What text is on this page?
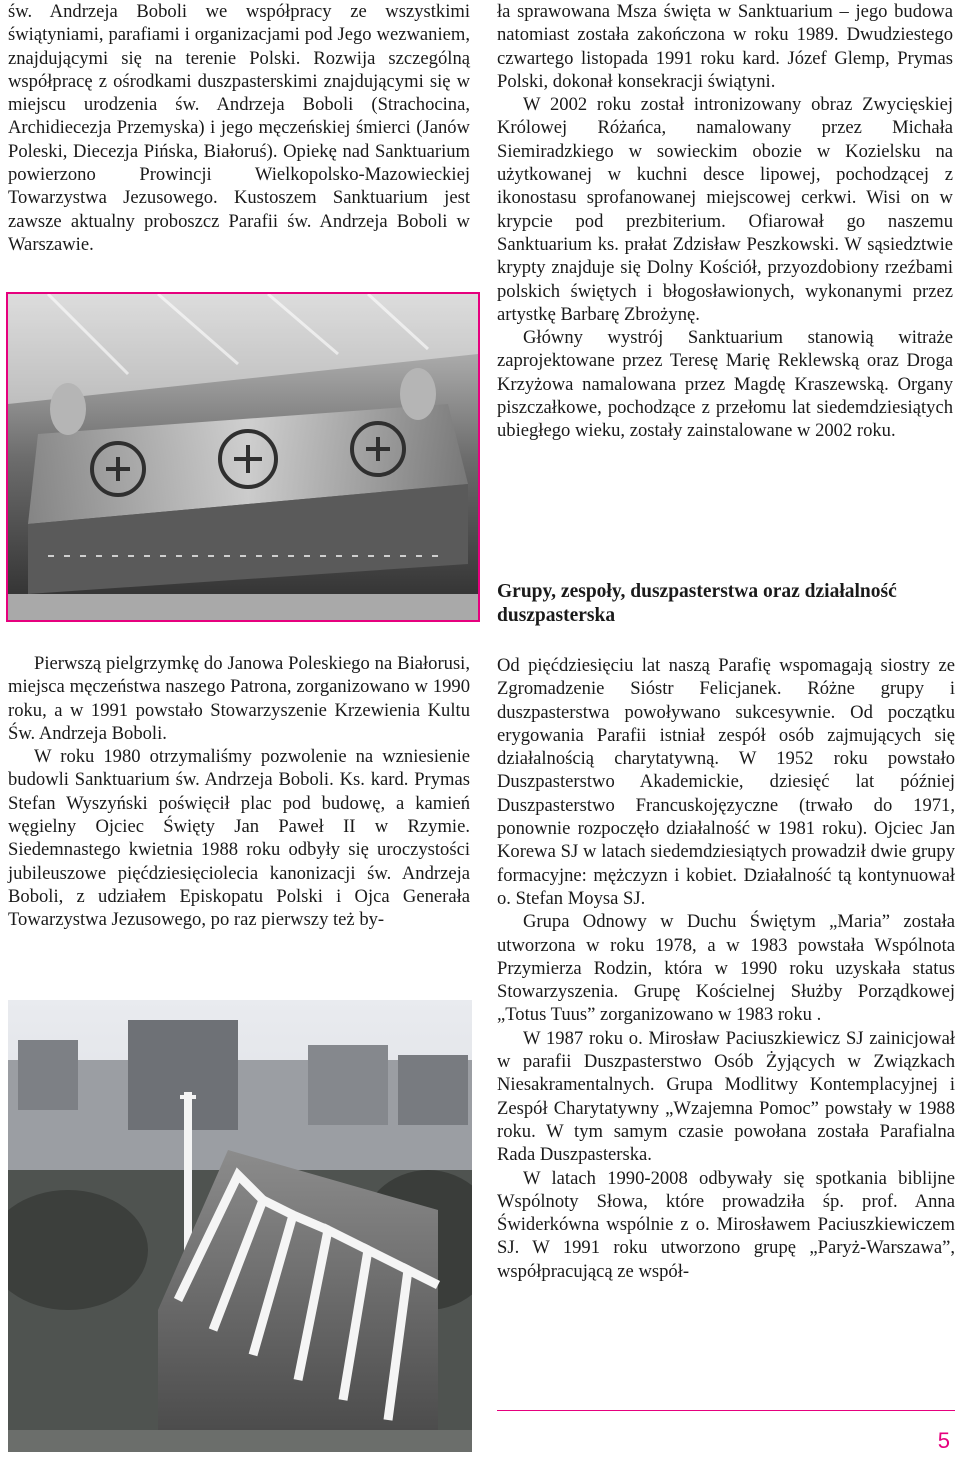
św. Andrzeja Boboli we współpracy ze wszystkimi świątyniami, parafiami i organizacjami pod Jego wezwaniem, znajdującymi się na terenie Polski. Rozwija szczególną współpracę z ośrodkami duszpasterskimi znajdującymi się w miejscu urodzenia św. Andrzeja Boboli (Strachocina, Archidiecezja Przemyska) i jego męczeńskiej śmierci (Janów Poleski, Diecezja Pińska, Białoruś). Opiekę nad Sanktuarium powierzono Prowincji Wielkopolsko-Mazowieckiej Towarzystwa Jezusowego. Kustoszem Sanktuarium jest zawsze aktualny proboszcz Parafii św. Andrzeja Boboli w Warszawie.

Pierwszą pielgrzymkę do Janowa Poleskiego na Białorusi, miejsca męczeństwa naszego Patrona, zorganizowano w 1990 roku, a w 1991 powstało Stowarzyszenie Krzewienia Kultu Św. Andrzeja Boboli.

W roku 1980 otrzymaliśmy pozwolenie na wzniesienie budowli Sanktuarium św. Andrzeja Boboli. Ks. kard. Prymas Stefan Wyszyński poświęcił plac pod budowę, a kamień węgielny Ojciec Święty Jan Paweł II w Rzymie. Siedemnastego kwietnia 1988 roku odbyły się uroczystości jubileuszowe pięćdziesięciolecia kanonizacji św. Andrzeja Boboli, z udziałem Episkopatu Polski i Ojca Generała Towarzystwa Jezusowego, po raz pierwszy też by-

ła sprawowana Msza święta w Sanktuarium – jego budowa natomiast została zakończona w roku 1989. Dwudziestego czwartego listopada 1991 roku kard. Józef Glemp, Prymas Polski, dokonał konsekracji świątyni.

W 2002 roku został intronizowany obraz Zwycięskiej Królowej Różańca, namalowany przez Michała Siemiradzkiego w sowieckim obozie w Kozielsku na użytkowanej w kuchni desce lipowej, pochodzącej z ikonostasu sprofanowanej miejscowej cerkwi. Wisi on w krypcie pod prezbiterium. Ofiarował go naszemu Sanktuarium ks. prałat Zdzisław Peszkowski. W sąsiedztwie krypty znajduje się Dolny Kościół, przyozdobiony rzeźbami polskich świętych i błogosławionych, wykonanymi przez artystkę Barbarę Zbrożynę.

Główny wystrój Sanktuarium stanowią witraże zaprojektowane przez Teresę Marię Reklewską oraz Droga Krzyżowa namalowana przez Magdę Kraszewską. Organy piszczałkowe, pochodzące z przełomu lat siedemdziesiątych ubiegłego wieku, zostały zainstalowane w 2002 roku.

Grupy, zespoły, duszpasterstwa oraz działalność duszpasterska

Od pięćdziesięciu lat naszą Parafię wspomagają siostry ze Zgromadzenie Sióstr Felicjanek. Różne grupy i duszpasterstwa powoływano sukcesywnie. Od początku erygowania Parafii istniał zespół osób zajmujących się działalnością charytatywną. W 1952 roku powstało Duszpasterstwo Akademickie, dziesięć lat później Duszpasterstwo Francuskojęzyczne (trwało do 1971, ponownie rozpoczęło działalność w 1981 roku). Ojciec Jan Korewa SJ w latach siedemdziesiątych prowadził dwie grupy formacyjne: mężczyzn i kobiet. Działalność tą kontynuował o. Stefan Moysa SJ.

Grupa Odnowy w Duchu Świętym „Maria” została utworzona w roku 1978, a w 1983 powstała Wspólnota Przymierza Rodzin, która w 1990 roku uzyskała status Stowarzyszenia. Grupę Kościelnej Służby Porządkowej „Totus Tuus” zorganizowano w 1983 roku .

W 1987 roku o. Mirosław Paciuszkiewicz SJ zainicjował w parafii Duszpasterstwo Osób Żyjących w Związkach Niesakramentalnych. Grupa Modlitwy Kontemplacyjnej i Zespół Charytatywny „Wzajemna Pomoc” powstały w 1988 roku. W tym samym czasie powołana została Parafialna Rada Duszpasterska.

W latach 1990-2008 odbywały się spotkania biblijne Wspólnoty Słowa, które prowadziła śp. prof. Anna Świderkówna wspólnie z o. Mirosławem Paciuszkiewiczem SJ. W 1991 roku utworzono grupę „Paryż-Warszawa”, współpracującą ze współ-

5
